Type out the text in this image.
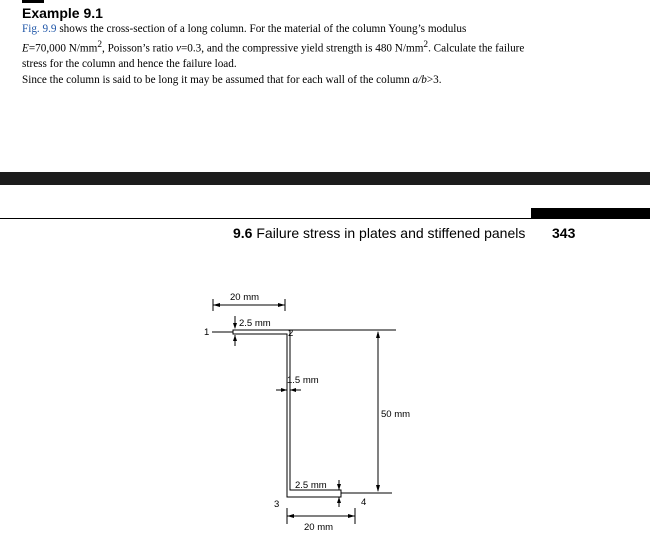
Example 9.1

Fig. 9.9 shows the cross-section of a long column. For the material of the column Young’s modulus

E=70,000 $N/mm^2$, Poisson’s ratio ν=0.3, and the compressive yield strength is 480 $N/mm^2$. Calculate the failure

stress for the column and hence the failure load.

Since the column is said to be long it may be assumed that for each wall of the column a/b>3.

9.6 Failure stress in plates and stiffened panels 343
20 mm
2.5 mm
1.5 mm
50 mm
2.5 mm
20 mm
1	2
3	4
